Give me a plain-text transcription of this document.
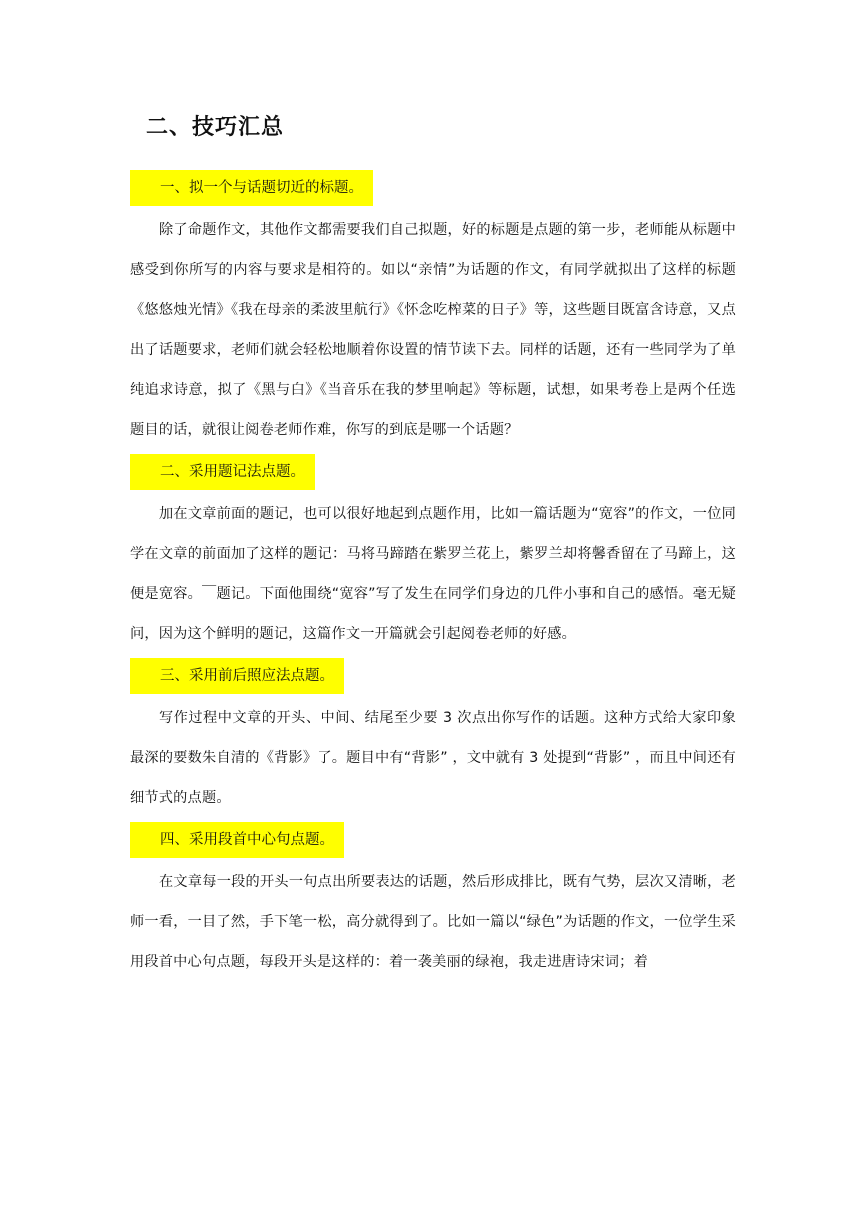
二、技巧汇总
一、拟一个与话题切近的标题。

除了命题作文，其他作文都需要我们自己拟题，好的标题是点题的第一步，老师能从标题中感受到你所写的内容与要求是相符的。如以“亲情”为话题的作文，有同学就拟出了这样的标题《悠悠烛光情》《我在母亲的柔波里航行》《怀念吃榨菜的日子》等，这些题目既富含诗意，又点出了话题要求，老师们就会轻松地顺着你设置的情节读下去。同样的话题，还有一些同学为了单纯追求诗意，拟了《黑与白》《当音乐在我的梦里响起》等标题，试想，如果考卷上是两个任选题目的话，就很让阅卷老师作难，你写的到底是哪一个话题？

二、采用题记法点题。

加在文章前面的题记，也可以很好地起到点题作用，比如一篇话题为“宽容”的作文，一位同学在文章的前面加了这样的题记：马将马蹄踏在紫罗兰花上，紫罗兰却将馨香留在了马蹄上，这便是宽容。￣题记。下面他围绕“宽容”写了发生在同学们身边的几件小事和自己的感悟。毫无疑问，因为这个鲜明的题记，这篇作文一开篇就会引起阅卷老师的好感。

三、采用前后照应法点题。

写作过程中文章的开头、中间、结尾至少要 3 次点出你写作的话题。这种方式给大家印象最深的要数朱自清的《背影》了。题目中有“背影” ，文中就有 3 处提到“背影” ，而且中间还有细节式的点题。

四、采用段首中心句点题。

在文章每一段的开头一句点出所要表达的话题，然后形成排比，既有气势，层次又清晰，老师一看，一目了然，手下笔一松，高分就得到了。比如一篇以“绿色”为话题的作文，一位学生采用段首中心句点题，每段开头是这样的：着一袭美丽的绿袍，我走进唐诗宋词；着
